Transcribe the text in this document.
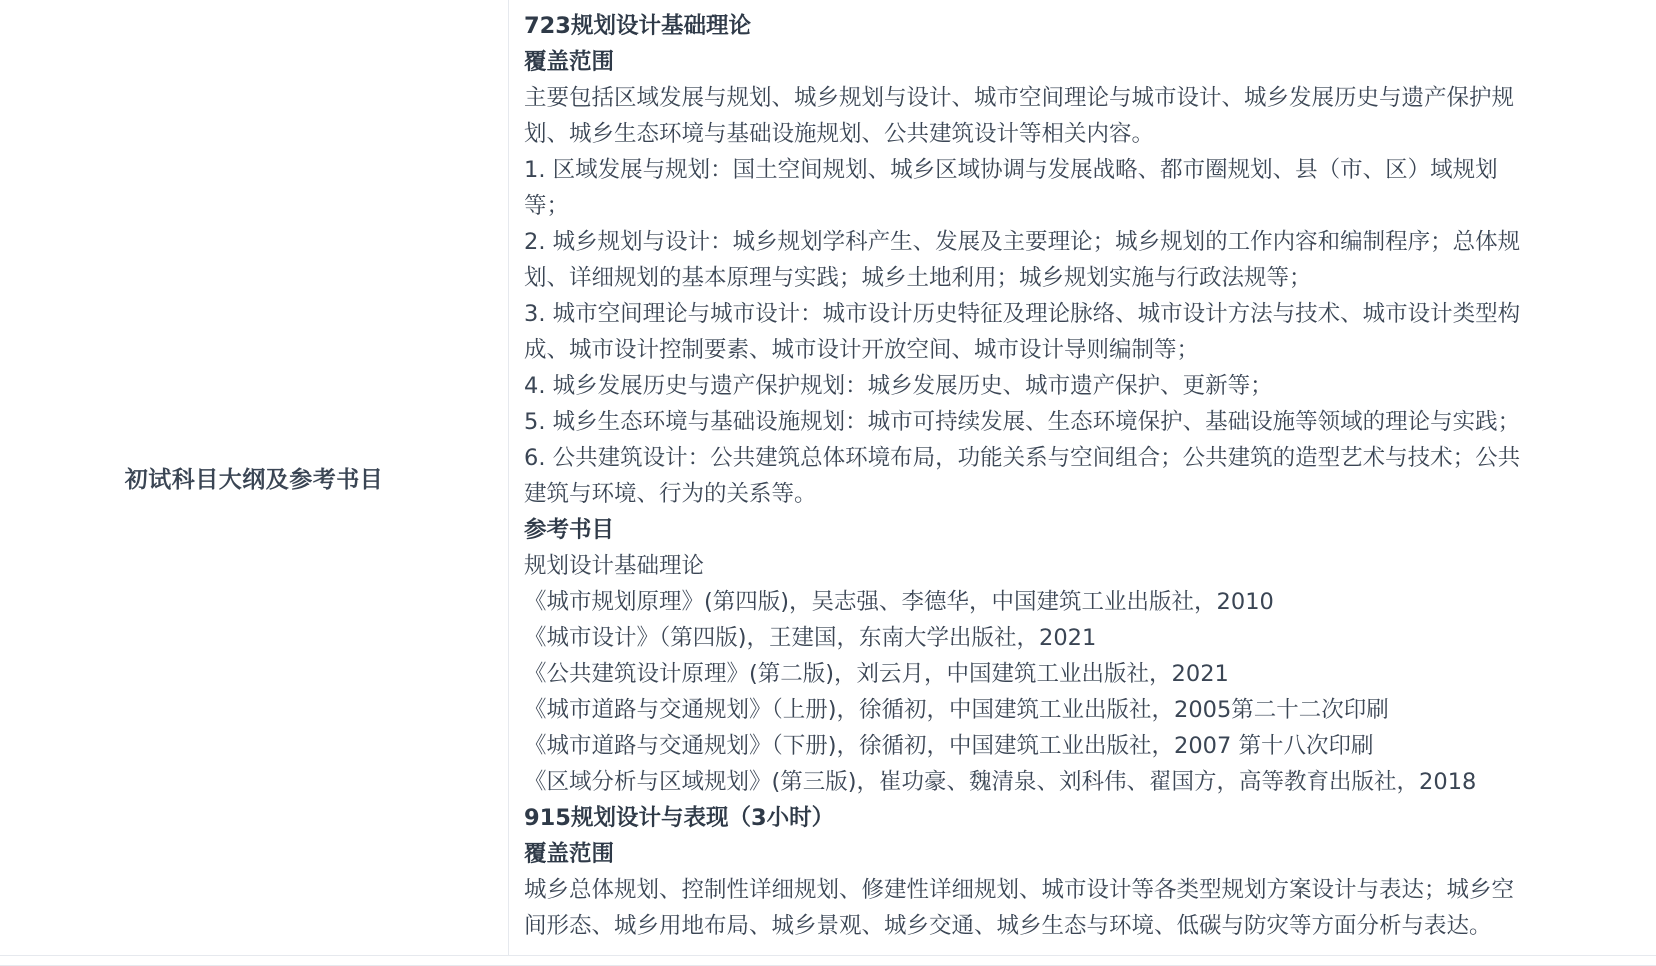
初试科目大纲及参考书目
723规划设计基础理论
覆盖范围
主要包括区域发展与规划、城乡规划与设计、城市空间理论与城市设计、城乡发展历史与遗产保护规
划、城乡生态环境与基础设施规划、公共建筑设计等相关内容。
1. 区域发展与规划：国土空间规划、城乡区域协调与发展战略、都市圈规划、县（市、区）域规划
等；
2. 城乡规划与设计：城乡规划学科产生、发展及主要理论；城乡规划的工作内容和编制程序；总体规
划、详细规划的基本原理与实践；城乡土地利用；城乡规划实施与行政法规等；
3. 城市空间理论与城市设计：城市设计历史特征及理论脉络、城市设计方法与技术、城市设计类型构
成、城市设计控制要素、城市设计开放空间、城市设计导则编制等；
4. 城乡发展历史与遗产保护规划：城乡发展历史、城市遗产保护、更新等；
5. 城乡生态环境与基础设施规划：城市可持续发展、生态环境保护、基础设施等领域的理论与实践；
6. 公共建筑设计：公共建筑总体环境布局，功能关系与空间组合；公共建筑的造型艺术与技术；公共
建筑与环境、行为的关系等。
参考书目
规划设计基础理论
《城市规划原理》(第四版)，吴志强、李德华，中国建筑工业出版社，2010
《城市设计》（第四版)，王建国，东南大学出版社，2021
《公共建筑设计原理》(第二版)，刘云月，中国建筑工业出版社，2021
《城市道路与交通规划》（上册)，徐循初，中国建筑工业出版社，2005第二十二次印刷
《城市道路与交通规划》（下册)，徐循初，中国建筑工业出版社，2007 第十八次印刷
《区域分析与区域规划》(第三版)，崔功豪、魏清泉、刘科伟、翟国方，高等教育出版社，2018
915规划设计与表现（3小时）
覆盖范围
城乡总体规划、控制性详细规划、修建性详细规划、城市设计等各类型规划方案设计与表达；城乡空
间形态、城乡用地布局、城乡景观、城乡交通、城乡生态与环境、低碳与防灾等方面分析与表达。
